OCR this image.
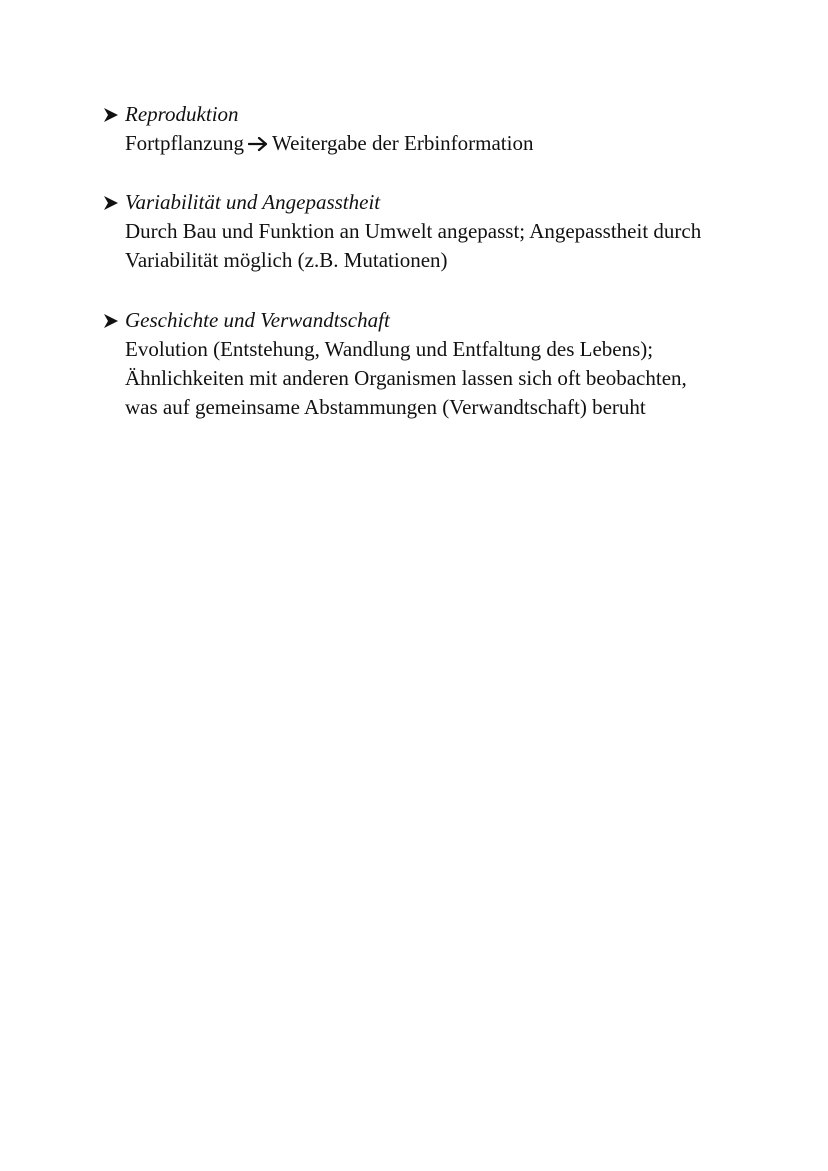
Reproduktion
Fortpflanzung Weitergabe der Erbinformation
Variabilität und Angepasstheit
Durch Bau und Funktion an Umwelt angepasst; Angepasstheit durch
Variabilität möglich (z.B. Mutationen)
Geschichte und Verwandtschaft
Evolution (Entstehung, Wandlung und Entfaltung des Lebens);
Ähnlichkeiten mit anderen Organismen lassen sich oft beobachten,
was auf gemeinsame Abstammungen (Verwandtschaft) beruht
